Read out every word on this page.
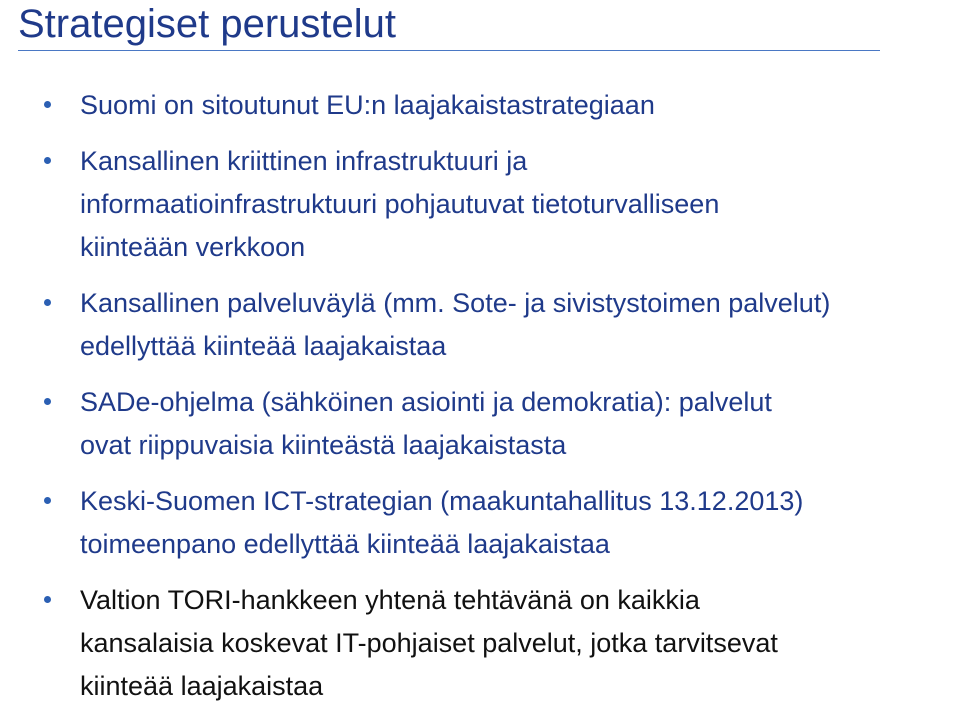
Strategiset perustelut
Suomi on sitoutunut EU:n laajakaistastrategiaan
Kansallinen kriittinen infrastruktuuri ja
informaatioinfrastruktuuri pohjautuvat tietoturvalliseen
kiinteään verkkoon
Kansallinen palveluväylä (mm. Sote- ja sivistystoimen palvelut)
edellyttää kiinteää laajakaistaa
SADe-ohjelma (sähköinen asiointi ja demokratia): palvelut
ovat riippuvaisia kiinteästä laajakaistasta
Keski-Suomen ICT-strategian (maakuntahallitus 13.12.2013)
toimeenpano edellyttää kiinteää laajakaistaa
Valtion TORI-hankkeen yhtenä tehtävänä on kaikkia
kansalaisia koskevat IT-pohjaiset palvelut, jotka tarvitsevat
kiinteää laajakaistaa
